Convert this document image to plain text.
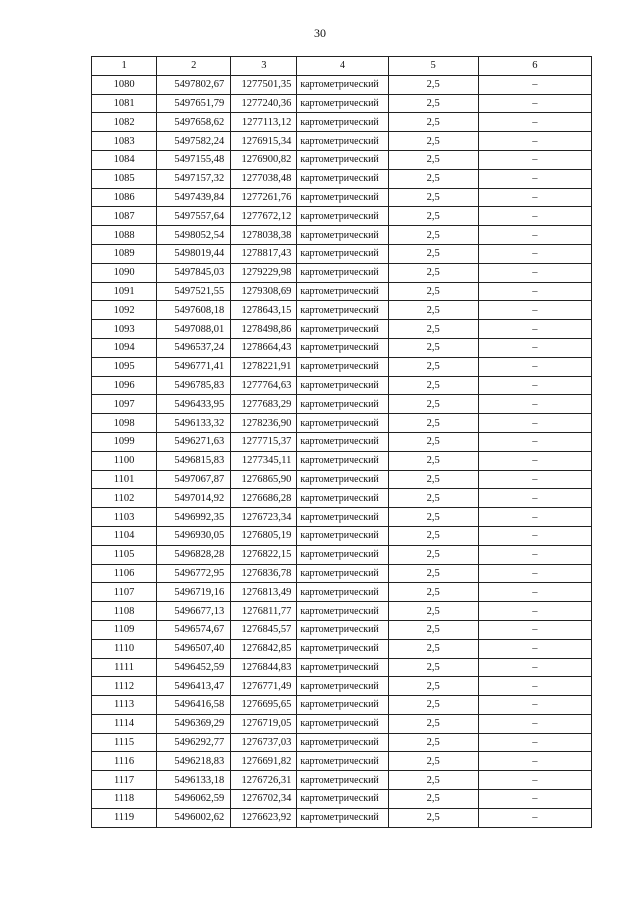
30
1	2	3	4	5	6
1080	5497802,67	1277501,35	картометрический	2,5	–
1081	5497651,79	1277240,36	картометрический	2,5	–
1082	5497658,62	1277113,12	картометрический	2,5	–
1083	5497582,24	1276915,34	картометрический	2,5	–
1084	5497155,48	1276900,82	картометрический	2,5	–
1085	5497157,32	1277038,48	картометрический	2,5	–
1086	5497439,84	1277261,76	картометрический	2,5	–
1087	5497557,64	1277672,12	картометрический	2,5	–
1088	5498052,54	1278038,38	картометрический	2,5	–
1089	5498019,44	1278817,43	картометрический	2,5	–
1090	5497845,03	1279229,98	картометрический	2,5	–
1091	5497521,55	1279308,69	картометрический	2,5	–
1092	5497608,18	1278643,15	картометрический	2,5	–
1093	5497088,01	1278498,86	картометрический	2,5	–
1094	5496537,24	1278664,43	картометрический	2,5	–
1095	5496771,41	1278221,91	картометрический	2,5	–
1096	5496785,83	1277764,63	картометрический	2,5	–
1097	5496433,95	1277683,29	картометрический	2,5	–
1098	5496133,32	1278236,90	картометрический	2,5	–
1099	5496271,63	1277715,37	картометрический	2,5	–
1100	5496815,83	1277345,11	картометрический	2,5	–
1101	5497067,87	1276865,90	картометрический	2,5	–
1102	5497014,92	1276686,28	картометрический	2,5	–
1103	5496992,35	1276723,34	картометрический	2,5	–
1104	5496930,05	1276805,19	картометрический	2,5	–
1105	5496828,28	1276822,15	картометрический	2,5	–
1106	5496772,95	1276836,78	картометрический	2,5	–
1107	5496719,16	1276813,49	картометрический	2,5	–
1108	5496677,13	1276811,77	картометрический	2,5	–
1109	5496574,67	1276845,57	картометрический	2,5	–
1110	5496507,40	1276842,85	картометрический	2,5	–
1111	5496452,59	1276844,83	картометрический	2,5	–
1112	5496413,47	1276771,49	картометрический	2,5	–
1113	5496416,58	1276695,65	картометрический	2,5	–
1114	5496369,29	1276719,05	картометрический	2,5	–
1115	5496292,77	1276737,03	картометрический	2,5	–
1116	5496218,83	1276691,82	картометрический	2,5	–
1117	5496133,18	1276726,31	картометрический	2,5	–
1118	5496062,59	1276702,34	картометрический	2,5	–
1119	5496002,62	1276623,92	картометрический	2,5	–
